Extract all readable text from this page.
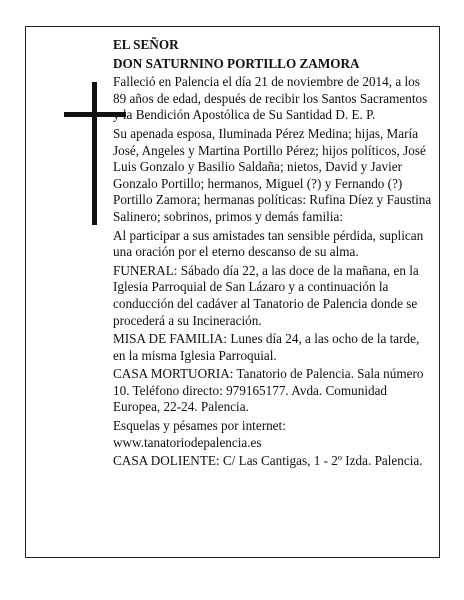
EL SEÑOR

DON SATURNINO PORTILLO ZAMORA

Falleció en Palencia el día 21 de noviembre de 2014, a los 89 años de edad, después de recibir los Santos Sacramentos y la Bendición Apostólica de Su Santidad D. E. P.

Su apenada esposa, Iluminada Pérez Medina; hijas, María José, Angeles y Martina Portillo Pérez; hijos políticos, José Luis Gonzalo y Basilio Saldaña; nietos, David y Javier Gonzalo Portillo; hermanos, Miguel (?) y Fernando (?) Portillo Zamora; hermanas políticas: Rufina Díez y Faustina Salinero; sobrinos, primos y demás familia:

Al participar a sus amistades tan sensible pérdida, suplican una oración por el eterno descanso de su alma.

FUNERAL: Sábado día 22, a las doce de la mañana, en la Iglesia Parroquial de San Lázaro y a continuación la conducción del cadáver al Tanatorio de Palencia donde se procederá a su Incineración.

MISA DE FAMILIA: Lunes día 24, a las ocho de la tarde, en la misma Iglesia Parroquial.

CASA MORTUORIA: Tanatorio de Palencia. Sala número 10. Teléfono directo: 979165177. Avda. Comunidad Europea, 22-24. Palencia.

Esquelas y pésames por internet: www.tanatoriodepalencia.es

CASA DOLIENTE: C/ Las Cantigas, 1 - 2º Izda. Palencia.
